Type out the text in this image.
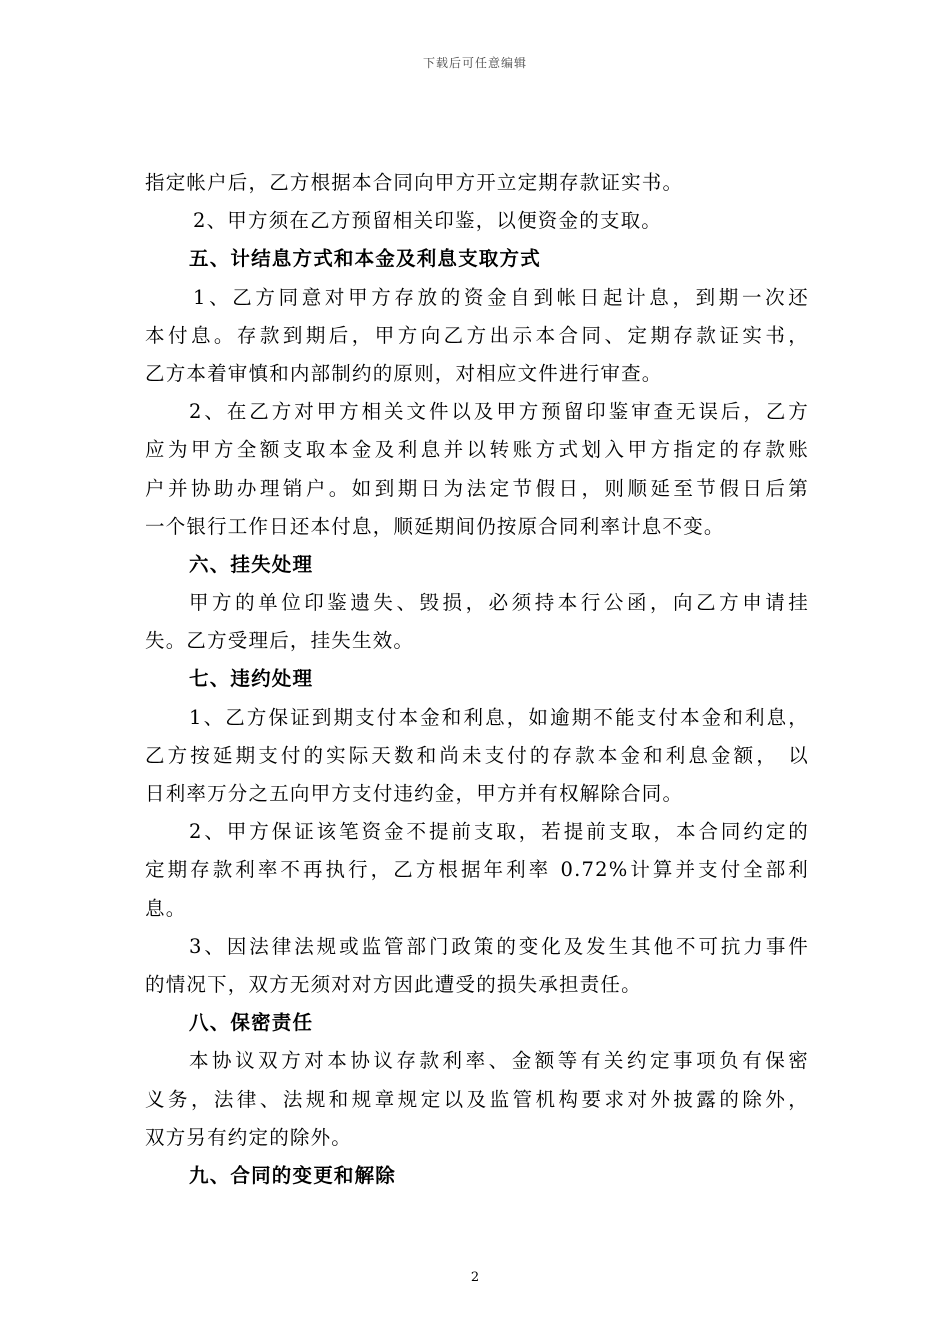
下载后可任意编辑
指定帐户后，乙方根据本合同向甲方开立定期存款证实书。
2、甲方须在乙方预留相关印鉴，以便资金的支取。
五、计结息方式和本金及利息支取方式
1、乙方同意对甲方存放的资金自到帐日起计息，到期一次还
本付息。存款到期后，甲方向乙方出示本合同、定期存款证实书，
乙方本着审慎和内部制约的原则，对相应文件进行审查。
2、在乙方对甲方相关文件以及甲方预留印鉴审查无误后，乙方
应为甲方全额支取本金及利息并以转账方式划入甲方指定的存款账
户并协助办理销户。如到期日为法定节假日，则顺延至节假日后第
一个银行工作日还本付息，顺延期间仍按原合同利率计息不变。
六、挂失处理
甲方的单位印鉴遗失、毁损，必须持本行公函，向乙方申请挂
失。乙方受理后，挂失生效。
七、违约处理
1、乙方保证到期支付本金和利息，如逾期不能支付本金和利息，
乙方按延期支付的实际天数和尚未支付的存款本金和利息金额， 以
日利率万分之五向甲方支付违约金，甲方并有权解除合同。
2、甲方保证该笔资金不提前支取，若提前支取，本合同约定的
定期存款利率不再执行，乙方根据年利率 0.72%计算并支付全部利
息。
3、因法律法规或监管部门政策的变化及发生其他不可抗力事件
的情况下，双方无须对对方因此遭受的损失承担责任。
八、保密责任
本协议双方对本协议存款利率、金额等有关约定事项负有保密
义务，法律、法规和规章规定以及监管机构要求对外披露的除外，
双方另有约定的除外。
九、合同的变更和解除
2
